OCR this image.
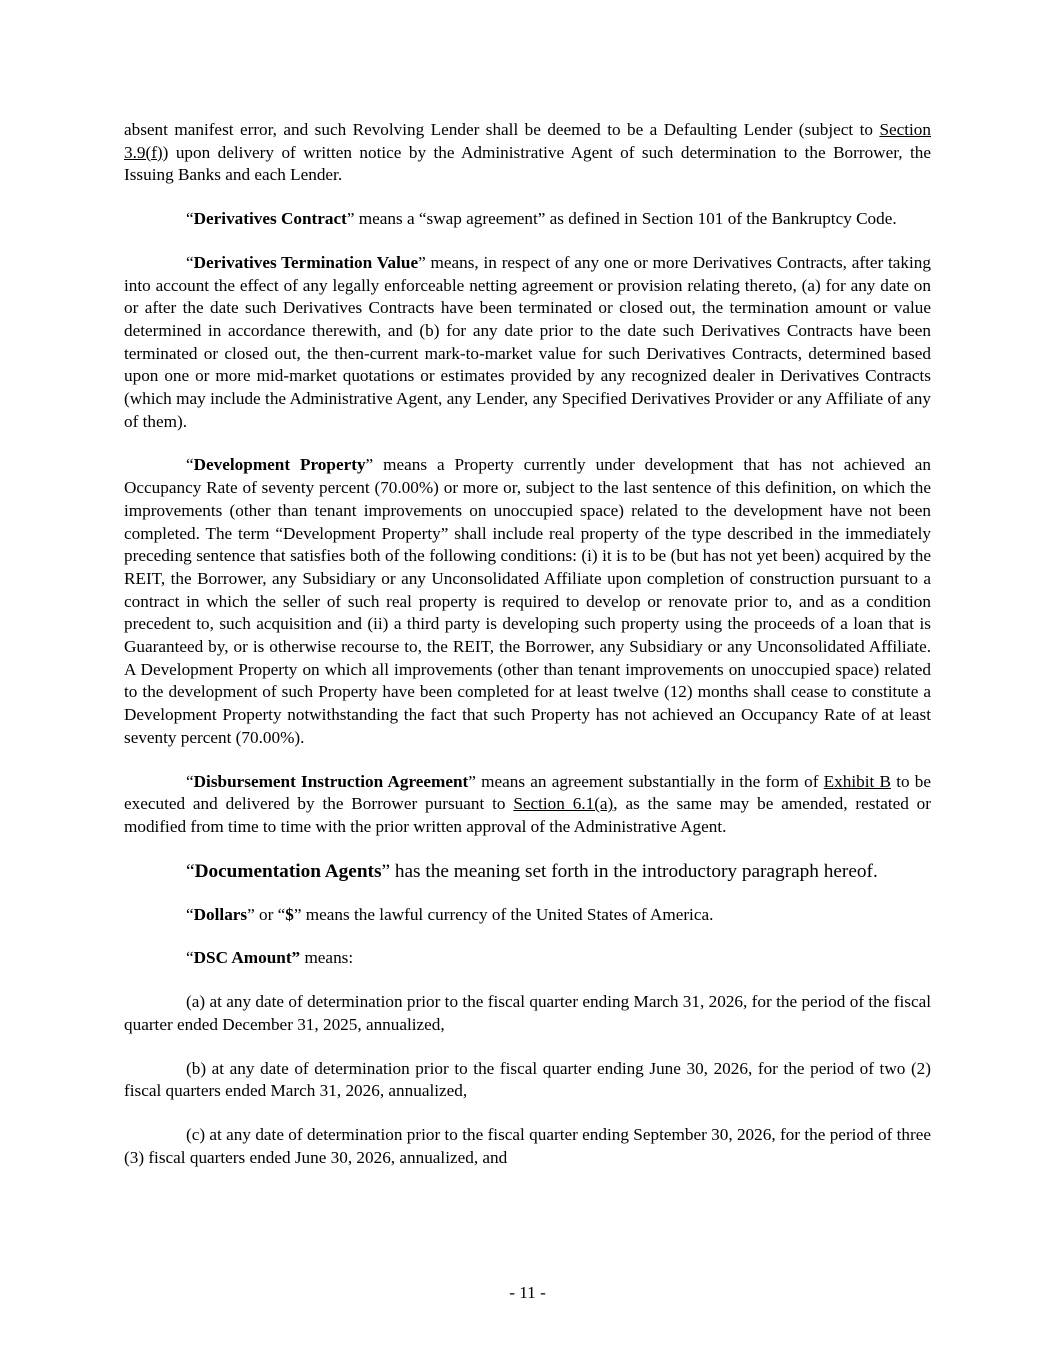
absent manifest error, and such Revolving Lender shall be deemed to be a Defaulting Lender (subject to Section 3.9(f)) upon delivery of written notice by the Administrative Agent of such determination to the Borrower, the Issuing Banks and each Lender.

“Derivatives Contract” means a “swap agreement” as defined in Section 101 of the Bankruptcy Code.

“Derivatives Termination Value” means, in respect of any one or more Derivatives Contracts, after taking into account the effect of any legally enforceable netting agreement or provision relating thereto, (a) for any date on or after the date such Derivatives Contracts have been terminated or closed out, the termination amount or value determined in accordance therewith, and (b) for any date prior to the date such Derivatives Contracts have been terminated or closed out, the then-current mark-to-market value for such Derivatives Contracts, determined based upon one or more mid-market quotations or estimates provided by any recognized dealer in Derivatives Contracts (which may include the Administrative Agent, any Lender, any Specified Derivatives Provider or any Affiliate of any of them).

“Development Property” means a Property currently under development that has not achieved an Occupancy Rate of seventy percent (70.00%) or more or, subject to the last sentence of this definition, on which the improvements (other than tenant improvements on unoccupied space) related to the development have not been completed. The term “Development Property” shall include real property of the type described in the immediately preceding sentence that satisfies both of the following conditions: (i) it is to be (but has not yet been) acquired by the REIT, the Borrower, any Subsidiary or any Unconsolidated Affiliate upon completion of construction pursuant to a contract in which the seller of such real property is required to develop or renovate prior to, and as a condition precedent to, such acquisition and (ii) a third party is developing such property using the proceeds of a loan that is Guaranteed by, or is otherwise recourse to, the REIT, the Borrower, any Subsidiary or any Unconsolidated Affiliate. A Development Property on which all improvements (other than tenant improvements on unoccupied space) related to the development of such Property have been completed for at least twelve (12) months shall cease to constitute a Development Property notwithstanding the fact that such Property has not achieved an Occupancy Rate of at least seventy percent (70.00%).

“Disbursement Instruction Agreement” means an agreement substantially in the form of Exhibit B to be executed and delivered by the Borrower pursuant to Section 6.1(a), as the same may be amended, restated or modified from time to time with the prior written approval of the Administrative Agent.

“Documentation Agents” has the meaning set forth in the introductory paragraph hereof.

“Dollars” or “$” means the lawful currency of the United States of America.

“DSC Amount” means:

(a) at any date of determination prior to the fiscal quarter ending March 31, 2026, for the period of the fiscal quarter ended December 31, 2025, annualized,

(b) at any date of determination prior to the fiscal quarter ending June 30, 2026, for the period of two (2) fiscal quarters ended March 31, 2026, annualized,

(c) at any date of determination prior to the fiscal quarter ending September 30, 2026, for the period of three (3) fiscal quarters ended June 30, 2026, annualized, and

- 11 -
